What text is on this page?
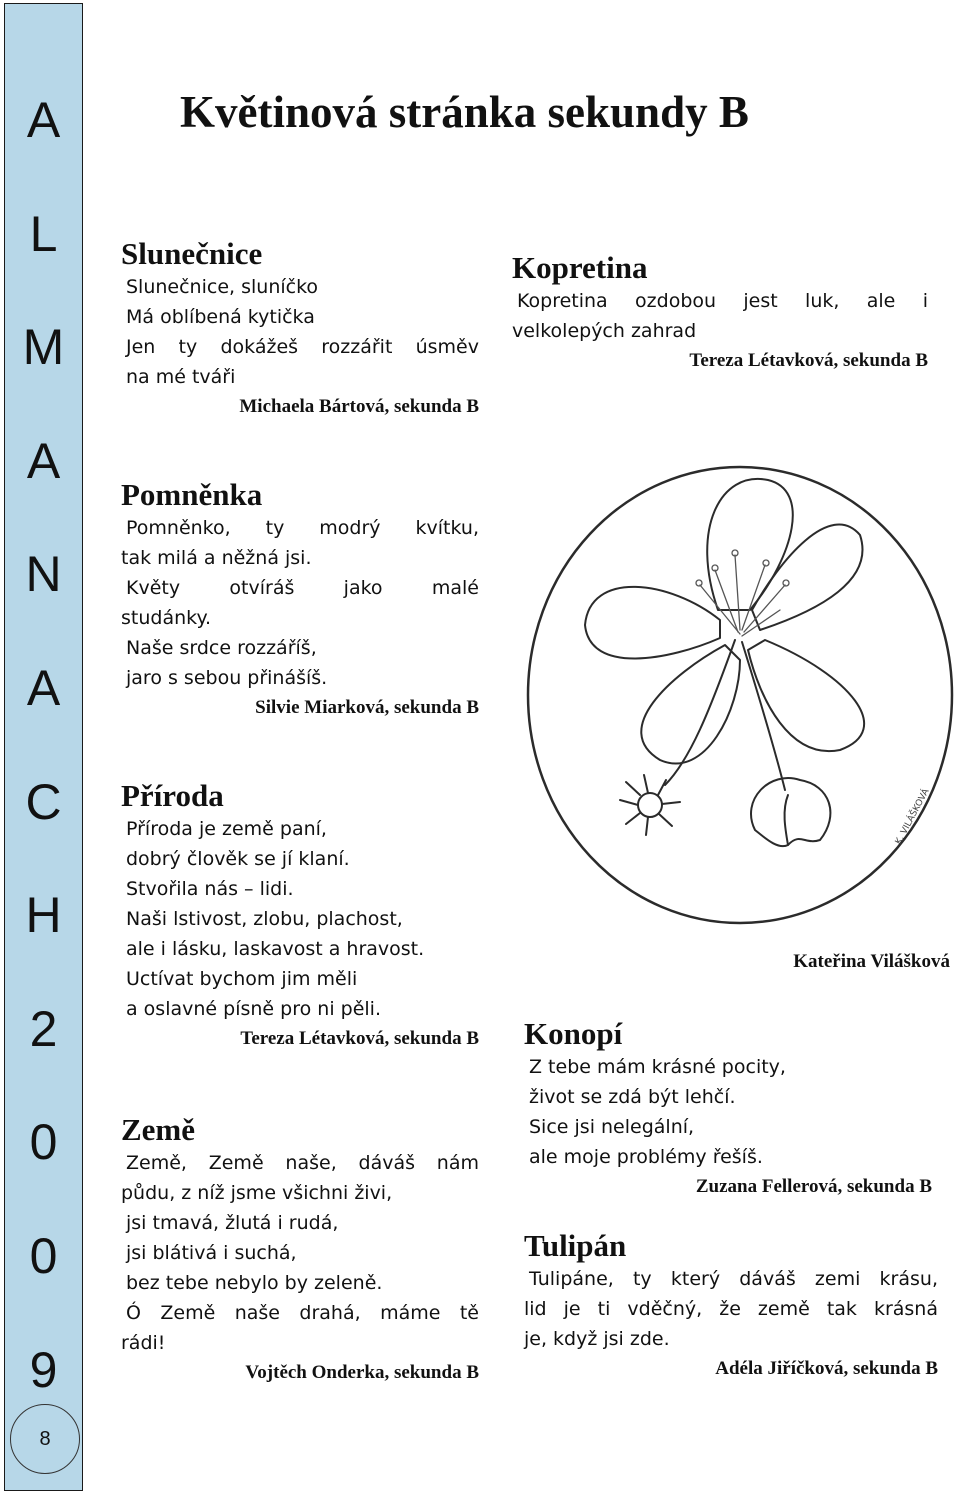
A
L
M
A
N
A
C
H
2
0
0
9
8
Květinová stránka sekundy B
Slunečnice

Slunečnice, sluníčko

Má oblíbená kytička

Jen ty dokážeš rozzářit úsměv

na mé tváři

Michaela Bártová, sekunda B

Pomněnka

Pomněnko, ty modrý kvítku,

tak milá a něžná jsi.

Květy otvíráš jako malé

studánky.

Naše srdce rozzáříš,

jaro s sebou přinášíš.

Silvie Miarková, sekunda B

Příroda

Příroda je země paní,

dobrý člověk se jí klaní.

Stvořila nás – lidi.

Naši lstivost, zlobu, plachost,

ale i lásku, laskavost a hravost.

Uctívat bychom jim měli

a oslavné písně pro ni pěli.

Tereza Létavková, sekunda B

Země

Země, Země naše, dáváš nám

půdu, z níž jsme všichni živi,

jsi tmavá, žlutá i rudá,

jsi blátivá i suchá,

bez tebe nebylo by zeleně.

Ó Země naše drahá, máme tě

rádi!

Vojtěch Onderka, sekunda B

Kopretina

Kopretina ozdobou jest luk, ale i

velkolepých zahrad

Tereza Létavková, sekunda B

K. VILÁŠKOVÁ

Kateřina Vilášková

Konopí

Z tebe mám krásné pocity,

život se zdá být lehčí.

Sice jsi nelegální,

ale moje problémy řešíš.

Zuzana Fellerová, sekunda B

Tulipán

Tulipáne, ty který dáváš zemi krásu,

lid je ti vděčný, že země tak krásná

je, když jsi zde.

Adéla Jiříčková, sekunda B
